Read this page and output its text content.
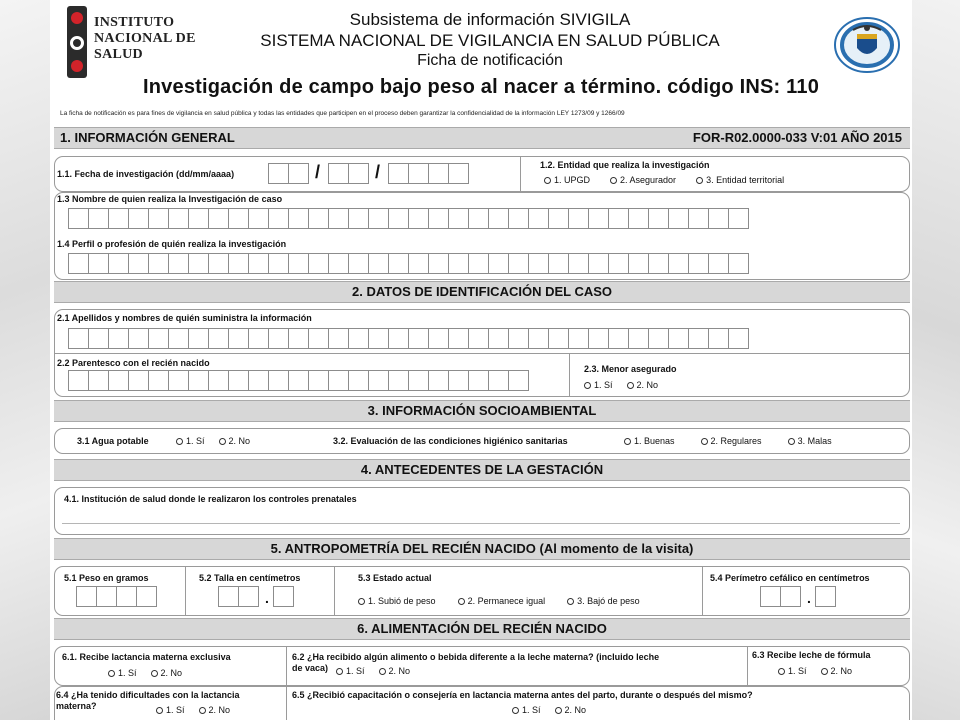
INSTITUTO
NACIONAL DE
SALUD
Subsistema de información SIVIGILA
SISTEMA NACIONAL DE VIGILANCIA EN SALUD PÚBLICA
Ficha de notificación
Investigación de campo bajo peso al nacer a término. código INS: 110
La ficha de notificación es para fines de vigilancia en salud pública y todas las entidades que participen en el proceso deben garantizar la confidencialidad de la información LEY 1273/09 y 1266/09
1. INFORMACIÓN GENERAL	FOR-R02.0000-033 V:01 AÑO 2015
1.1. Fecha de investigación (dd/mm/aaaa)	/	/	1.2. Entidad que realiza la investigación
1. UPGD	2. Asegurador	3. Entidad territorial
1.3 Nombre de quien realiza la Investigación de caso
1.4 Perfil o profesión de quién realiza la investigación
2. DATOS DE IDENTIFICACIÓN DEL CASO
2.1 Apellidos y nombres de quién suministra la información
2.2 Parentesco con el recién nacido
2.3. Menor asegurado
1. Sí	2. No
3. INFORMACIÓN SOCIOAMBIENTAL
3.1 Agua potable	1. Sí	2. No	3.2. Evaluación de las condiciones higiénico sanitarias	1. Buenas	2. Regulares	3. Malas
4. ANTECEDENTES DE LA GESTACIÓN
4.1. Institución de salud donde le realizaron los controles prenatales
5. ANTROPOMETRÍA DEL RECIÉN NACIDO (Al momento de la visita)
5.1 Peso en gramos	5.2 Talla en centímetros
.
5.3 Estado actual
1. Subió de peso	2. Permanece igual	3. Bajó de peso
5.4 Perímetro cefálico en centímetros
.
6. ALIMENTACIÓN DEL RECIÉN NACIDO
6.1. Recibe lactancia materna exclusiva
1. Sí	2. No
6.2 ¿Ha recibido algún alimento o bebida diferente a la leche materna? (incluido leche
de vaca)	1. Sí	2. No
6.3 Recibe leche de fórmula
1. Sí	2. No
6.4 ¿Ha tenido dificultades con la lactancia
materna?	1. Sí	2. No
6.5 ¿Recibió capacitación o consejería en lactancia materna antes del parto, durante o después del mismo?
1. Sí	2. No
